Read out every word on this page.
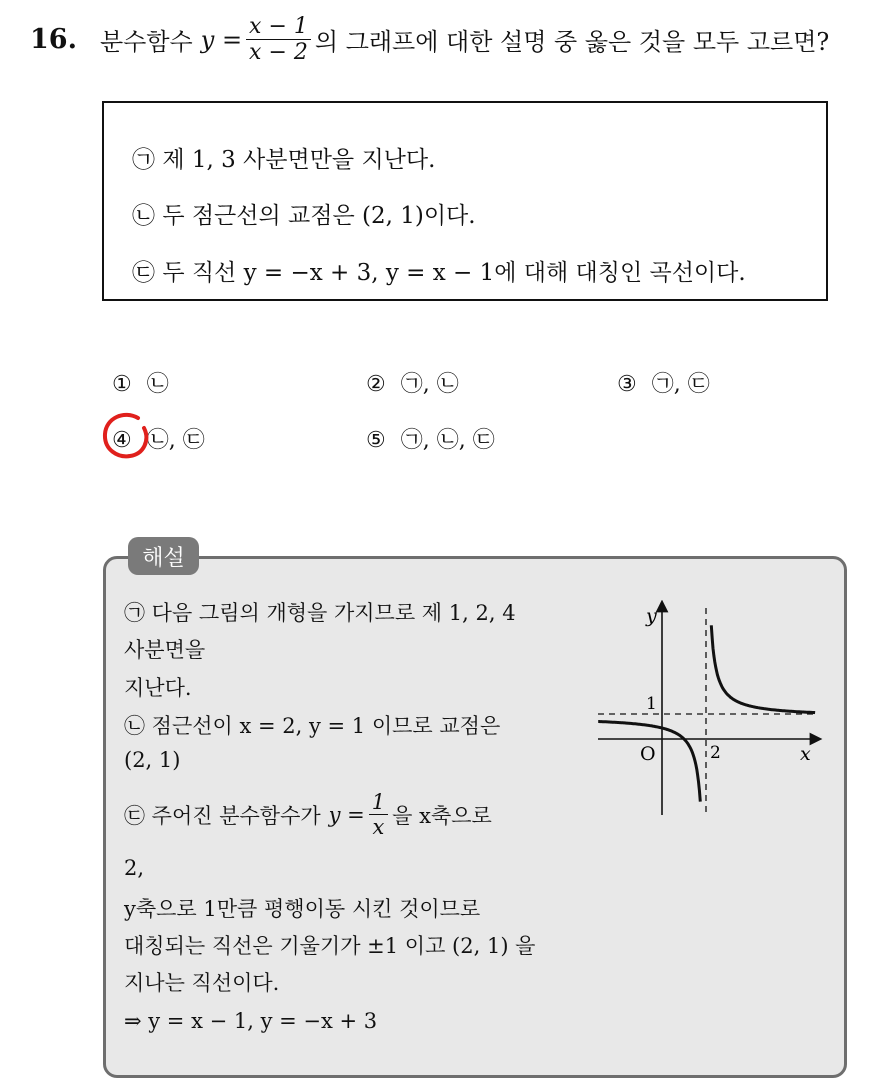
16. 분수함수 $y = \frac{x - 1}{x - 2}$ 의 그래프에 대한 설명 중 옳은 것을 모두 고르면?
㉠ 제 1, 3 사분면만을 지난다.
㉡ 두 점근선의 교점은 (2, 1)이다.
㉢ 두 직선 y = −x + 3, y = x − 1에 대해 대칭인 곡선이다.
① ㉡	② ㉠, ㉡	③ ㉠, ㉢
④ ㉡, ㉢	⑤ ㉠, ㉡, ㉢
해설
㉠ 다음 그림의 개형을 가지므로 제 1, 2, 4
사분면을
지난다.
㉡ 점근선이 x = 2, y = 1 이므로 교점은
(2, 1)
㉢ 주어진 분수함수가 $y = \frac{1}{x}$ 을 x축으로
2,
y축으로 1만큼 평행이동 시킨 것이므로
대칭되는 직선은 기울기가 ±1 이고 (2, 1) 을
지나는 직선이다.
⇒ y = x − 1, y = −x + 3
y
x
O
1
2
